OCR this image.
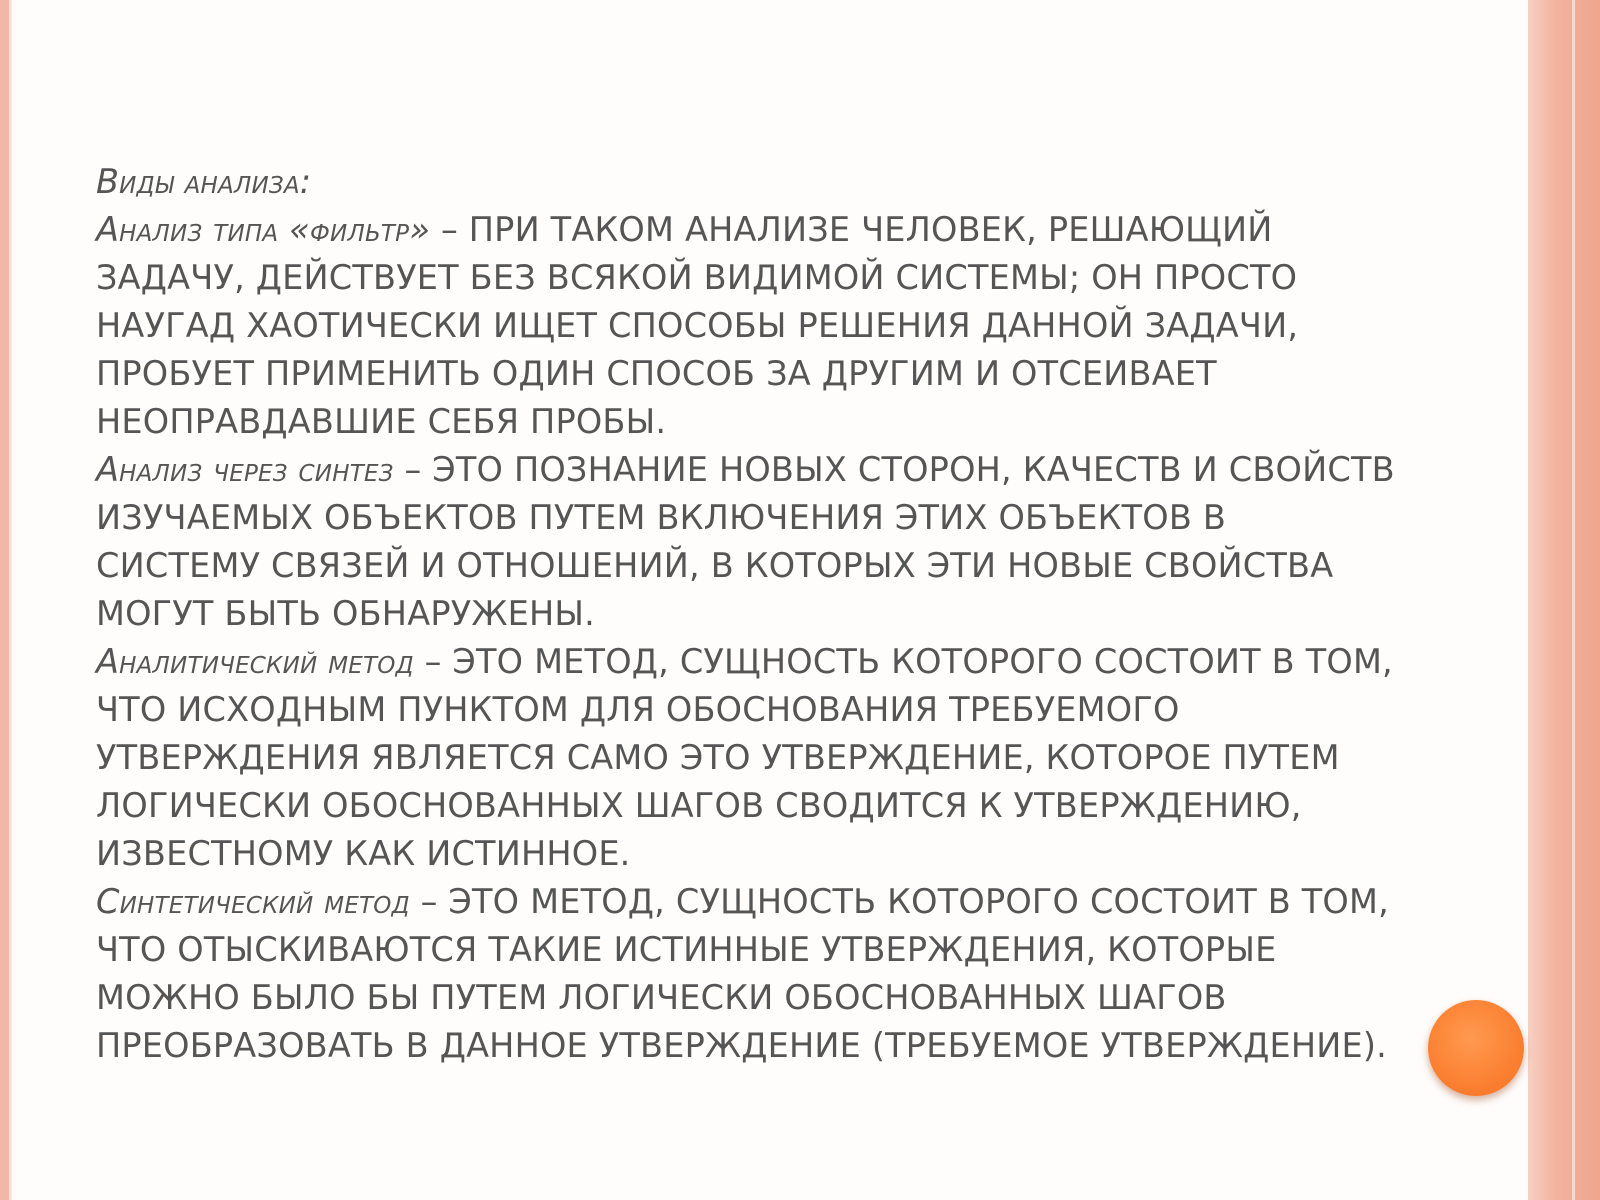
Виды анализа:

Анализ типа «фильтр» – ПРИ ТАКОМ АНАЛИЗЕ ЧЕЛОВЕК, РЕШАЮЩИЙ ЗАДАЧУ, ДЕЙСТВУЕТ БЕЗ ВСЯКОЙ ВИДИМОЙ СИСТЕМЫ; ОН ПРОСТО НАУГАД ХАОТИЧЕСКИ ИЩЕТ СПОСОБЫ РЕШЕНИЯ ДАННОЙ ЗАДАЧИ, ПРОБУЕТ ПРИМЕНИТЬ ОДИН СПОСОБ ЗА ДРУГИМ И ОТСЕИВАЕТ НЕОПРАВДАВШИЕ СЕБЯ ПРОБЫ.

Анализ через синтез – ЭТО ПОЗНАНИЕ НОВЫХ СТОРОН, КАЧЕСТВ И СВОЙСТВ ИЗУЧАЕМЫХ ОБЪЕКТОВ ПУТЕМ ВКЛЮЧЕНИЯ ЭТИХ ОБЪЕКТОВ В СИСТЕМУ СВЯЗЕЙ И ОТНОШЕНИЙ, В КОТОРЫХ ЭТИ НОВЫЕ СВОЙСТВА МОГУТ БЫТЬ ОБНАРУЖЕНЫ.

Аналитический метод – ЭТО МЕТОД, СУЩНОСТЬ КОТОРОГО СОСТОИТ В ТОМ, ЧТО ИСХОДНЫМ ПУНКТОМ ДЛЯ ОБОСНОВАНИЯ ТРЕБУЕМОГО УТВЕРЖДЕНИЯ ЯВЛЯЕТСЯ САМО ЭТО УТВЕРЖДЕНИЕ, КОТОРОЕ ПУТЕМ ЛОГИЧЕСКИ ОБОСНОВАННЫХ ШАГОВ СВОДИТСЯ К УТВЕРЖДЕНИЮ, ИЗВЕСТНОМУ КАК ИСТИННОЕ.

Синтетический метод – ЭТО МЕТОД, СУЩНОСТЬ КОТОРОГО СОСТОИТ В ТОМ, ЧТО ОТЫСКИВАЮТСЯ ТАКИЕ ИСТИННЫЕ УТВЕРЖДЕНИЯ, КОТОРЫЕ МОЖНО БЫЛО БЫ ПУТЕМ ЛОГИЧЕСКИ ОБОСНОВАННЫХ ШАГОВ ПРЕОБРАЗОВАТЬ В ДАННОЕ УТВЕРЖДЕНИЕ (ТРЕБУЕМОЕ УТВЕРЖДЕНИЕ).
